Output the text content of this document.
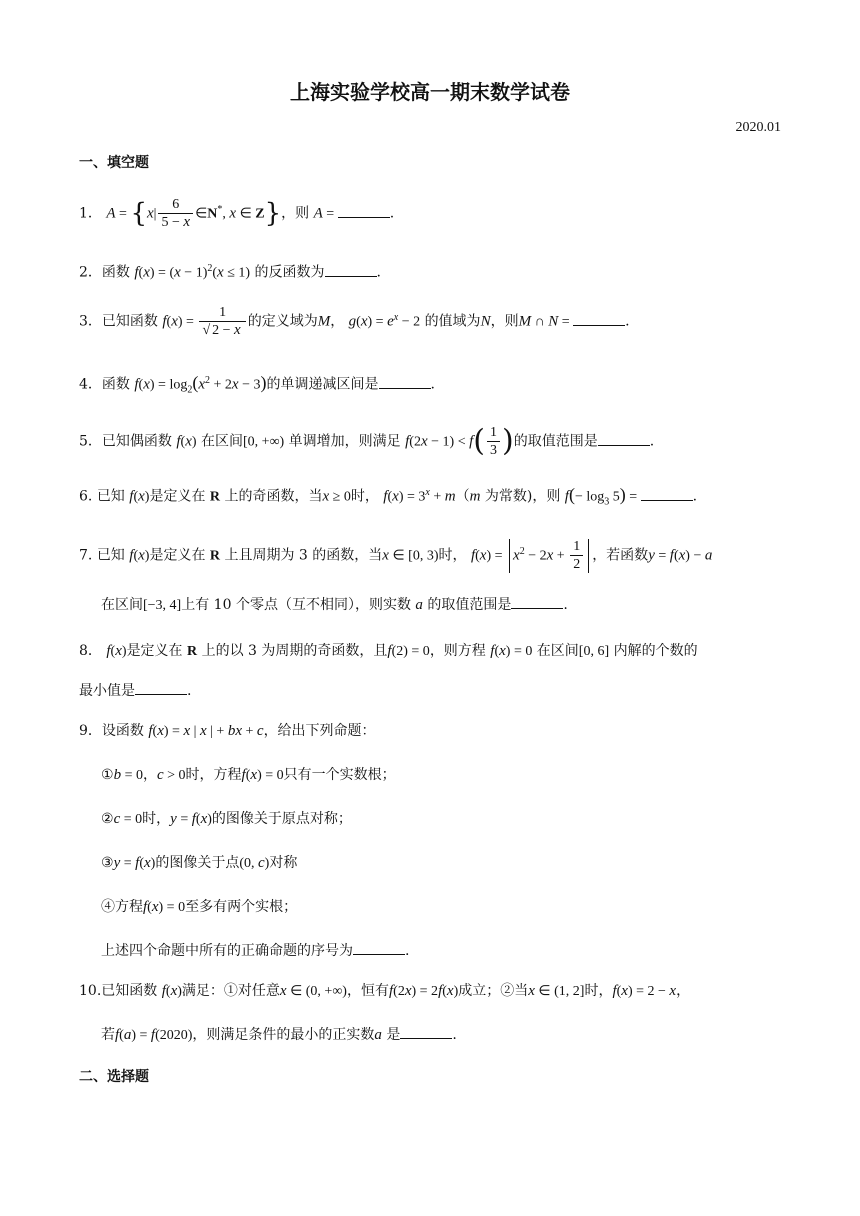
上海实验学校高一期末数学试卷
2020.01
一、填空题
1． $A = \{x| \frac{6}{5 - x}$ ∈N*, x ∈ Z}，则 A =	.
2．函数 $f(x) = (x - 1)^2(x \le 1)$ 的反函数为	.
3．已知函数 $f(x) = \frac{1}{√ 2 - x}$ 的定义域为M， $g(x) = e^x - 2$ 的值域为N，则M ∩ N =	.
4．函数 $f(x) = \log_2(x^2 + 2x - 3)$的单调递减区间是	.
5．已知偶函数 f(x) 在区间[0, +∞) 单调增加，则满足 $f(2x - 1) < f( \frac{1}{3}$ )的取值范围是	.
6. 已知 f(x)是定义在 R 上的奇函数，当x ≥ 0时， $f(x) = 3^x + m(m$ 为常数)，则 $f(- \log_3 5)$ =	.
7. 已知 f(x)是定义在 R 上且周期为 3 的函数，当x ∈ [0, 3)时， $f(x) = x^2 - 2x + \frac{1}{2}$ ，若函数y = f(x) − a
在区间[−3, 4]上有 10 个零点（互不相同），则实数 a 的取值范围是	.
8． f(x)是定义在 R 上的以 3 为周期的奇函数，且f(2) = 0，则方程 f(x) = 0 在区间[0, 6] 内解的个数的
最小值是	.
9．设函数 f(x) = x | x | + bx + c，给出下列命题：
①b = 0，c > 0时，方程f(x) = 0只有一个实数根；
②c = 0时，y = f(x)的图像关于原点对称；
③y = f(x)的图像关于点(0, c)对称
④方程f(x) = 0至多有两个实根；
上述四个命题中所有的正确命题的序号为	.
10.已知函数 f(x)满足：①对任意x ∈ (0, +∞)，恒有f(2x) = 2f(x)成立；②当x ∈ (1, 2]时，f(x) = 2 − x，
若f(a) = f(2020)，则满足条件的最小的正实数a 是	.
二、选择题
